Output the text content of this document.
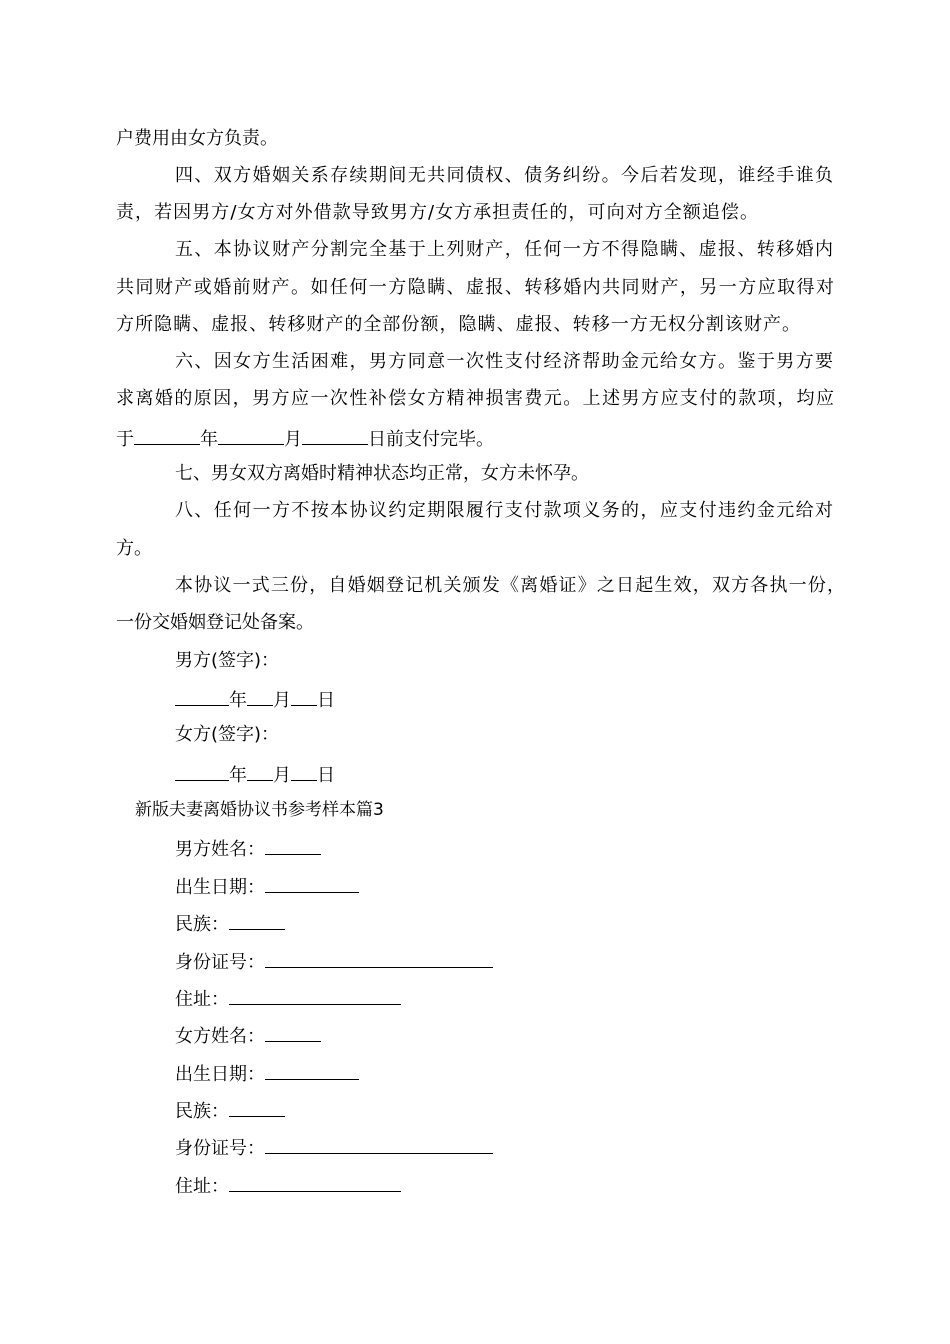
户费用由女方负责。
四、双方婚姻关系存续期间无共同债权、债务纠纷。今后若发现，谁经手谁负
责，若因男方/女方对外借款导致男方/女方承担责任的，可向对方全额追偿。
五、本协议财产分割完全基于上列财产，任何一方不得隐瞒、虚报、转移婚内
共同财产或婚前财产。如任何一方隐瞒、虚报、转移婚内共同财产，另一方应取得对
方所隐瞒、虚报、转移财产的全部份额，隐瞒、虚报、转移一方无权分割该财产。
六、因女方生活困难，男方同意一次性支付经济帮助金元给女方。鉴于男方要
求离婚的原因，男方应一次性补偿女方精神损害费元。上述男方应支付的款项，均应
于	年	月	日前支付完毕。
七、男女双方离婚时精神状态均正常，女方未怀孕。
八、任何一方不按本协议约定期限履行支付款项义务的，应支付违约金元给对
方。
本协议一式三份，自婚姻登记机关颁发《离婚证》之日起生效，双方各执一份，
一份交婚姻登记处备案。
男方(签字)：
年 月 日
女方(签字)：
年 月 日
新版夫妻离婚协议书参考样本篇3
男方姓名：
出生日期：
民族：
身份证号：
住址：
女方姓名：
出生日期：
民族：
身份证号：
住址：
